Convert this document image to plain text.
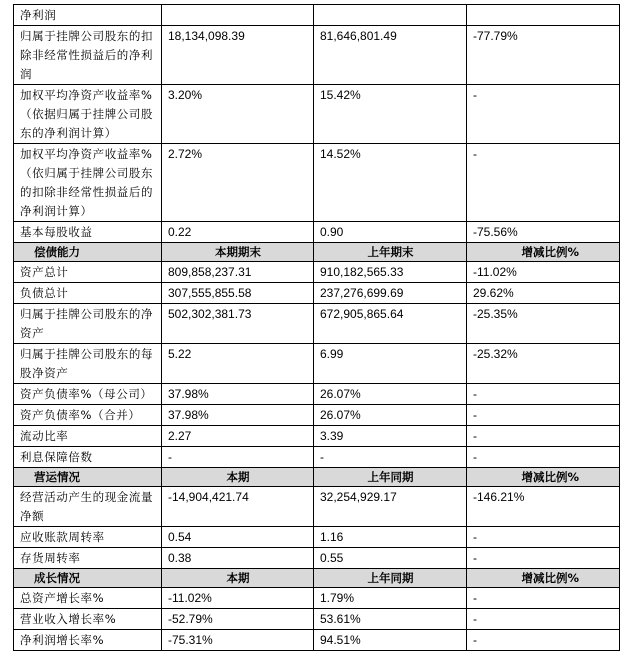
净利润			
归属于挂牌公司股东的扣除非经常性损益后的净利润	18,134,098.39	81,646,801.49	-77.79%
加权平均净资产收益率%（依据归属于挂牌公司股东的净利润计算）	3.20%	15.42%	-
加权平均净资产收益率%（依归属于挂牌公司股东的扣除非经常性损益后的净利润计算）	2.72%	14.52%	-
基本每股收益	0.22	0.90	-75.56%
偿债能力	本期期末	上年期末	增减比例%
资产总计	809,858,237.31	910,182,565.33	-11.02%
负债总计	307,555,855.58	237,276,699.69	29.62%
归属于挂牌公司股东的净资产	502,302,381.73	672,905,865.64	-25.35%
归属于挂牌公司股东的每股净资产	5.22	6.99	-25.32%
资产负债率%（母公司）	37.98%	26.07%	-
资产负债率%（合并）	37.98%	26.07%	-
流动比率	2.27	3.39	-
利息保障倍数	-	-	-
营运情况	本期	上年同期	增减比例%
经营活动产生的现金流量净额	-14,904,421.74	32,254,929.17	-146.21%
应收账款周转率	0.54	1.16	-
存货周转率	0.38	0.55	-
成长情况	本期	上年同期	增减比例%
总资产增长率%	-11.02%	1.79%	-
营业收入增长率%	-52.79%	53.61%	-
净利润增长率%	-75.31%	94.51%	-
